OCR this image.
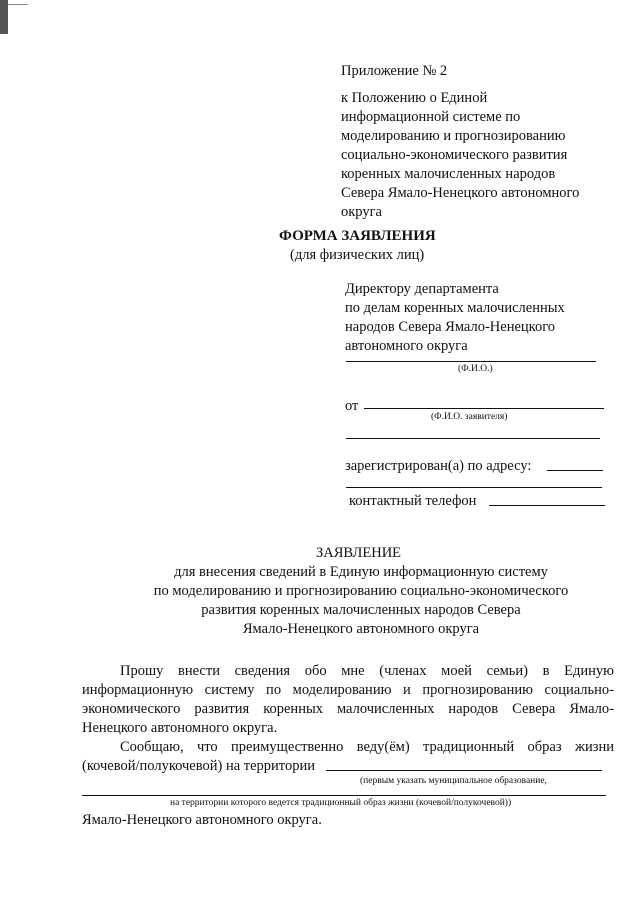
Приложение № 2
к Положению о Единой
информационной системе по
моделированию и прогнозированию
социально-экономического развития
коренных малочисленных народов
Севера Ямало-Ненецкого автономного
округа
ФОРМА ЗАЯВЛЕНИЯ
(для физических лиц)
Директору департамента
по делам коренных малочисленных
народов Севера Ямало-Ненецкого
автономного округа
(Ф.И.О.)
от
(Ф.И.О. заявителя)
зарегистрирован(а) по адресу:
контактный телефон
ЗАЯВЛЕНИЕ
для внесения сведений в Единую информационную систему
по моделированию и прогнозированию социально-экономического
развития коренных малочисленных народов Севера
Ямало-Ненецкого автономного округа
Прошу внести сведения обо мне (членах моей семьи) в Единую
информационную систему по моделированию и прогнозированию социально-
экономического развития коренных малочисленных народов Севера Ямало-
Ненецкого автономного округа.
Сообщаю, что преимущественно веду(ём) традиционный образ жизни
(кочевой/полукочевой) на территории
(первым указать муниципальное образование,
на территории которого ведется традиционный образ жизни (кочевой/полукочевой))
Ямало-Ненецкого автономного округа.
